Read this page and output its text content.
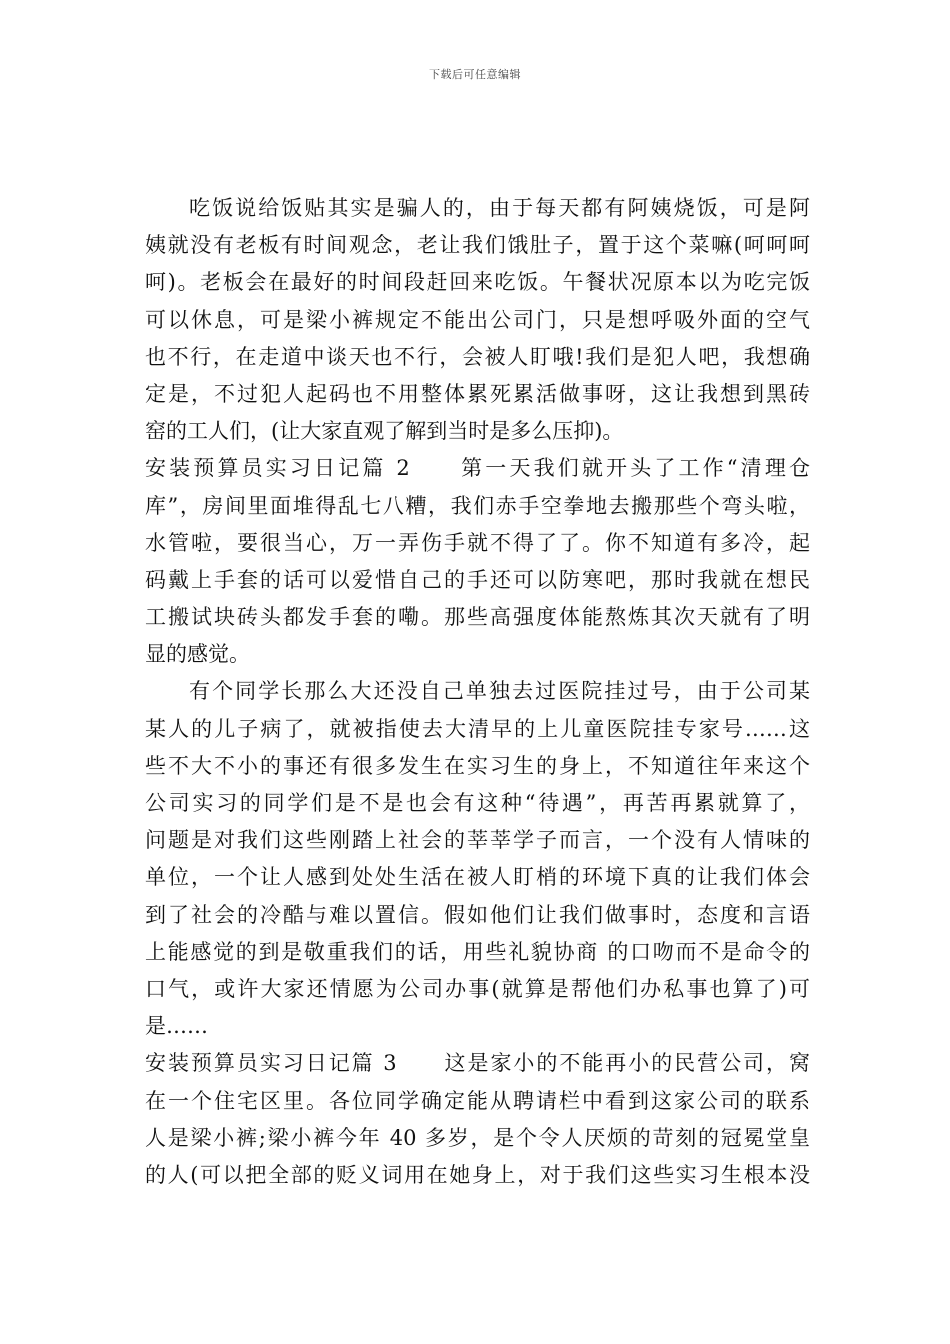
下载后可任意编辑
吃饭说给饭贴其实是骗人的，由于每天都有阿姨烧饭，可是阿
姨就没有老板有时间观念，老让我们饿肚子，置于这个菜嘛(呵呵呵
呵)。老板会在最好的时间段赶回来吃饭。午餐状况原本以为吃完饭
可以休息，可是梁小裤规定不能出公司门，只是想呼吸外面的空气
也不行，在走道中谈天也不行，会被人盯哦!我们是犯人吧，我想确
定是，不过犯人起码也不用整体累死累活做事呀，这让我想到黑砖
窑的工人们，(让大家直观了解到当时是多么压抑)。
安装预算员实习日记篇 2　　第一天我们就开头了工作“清理仓
库”，房间里面堆得乱七八糟，我们赤手空拳地去搬那些个弯头啦，
水管啦，要很当心，万一弄伤手就不得了了。你不知道有多冷，起
码戴上手套的话可以爱惜自己的手还可以防寒吧，那时我就在想民
工搬试块砖头都发手套的嘞。那些高强度体能熬炼其次天就有了明
显的感觉。
有个同学长那么大还没自己单独去过医院挂过号，由于公司某
某人的儿子病了，就被指使去大清早的上儿童医院挂专家号……这
些不大不小的事还有很多发生在实习生的身上，不知道往年来这个
公司实习的同学们是不是也会有这种“待遇”，再苦再累就算了，
问题是对我们这些刚踏上社会的莘莘学子而言，一个没有人情味的
单位，一个让人感到处处生活在被人盯梢的环境下真的让我们体会
到了社会的冷酷与难以置信。假如他们让我们做事时，态度和言语
上能感觉的到是敬重我们的话，用些礼貌协商 的口吻而不是命令的
口气，或许大家还情愿为公司办事(就算是帮他们办私事也算了)可
是……
安装预算员实习日记篇 3　　这是家小的不能再小的民营公司，窝
在一个住宅区里。各位同学确定能从聘请栏中看到这家公司的联系
人是梁小裤;梁小裤今年 40 多岁，是个令人厌烦的苛刻的冠冕堂皇
的人(可以把全部的贬义词用在她身上，对于我们这些实习生根本没
